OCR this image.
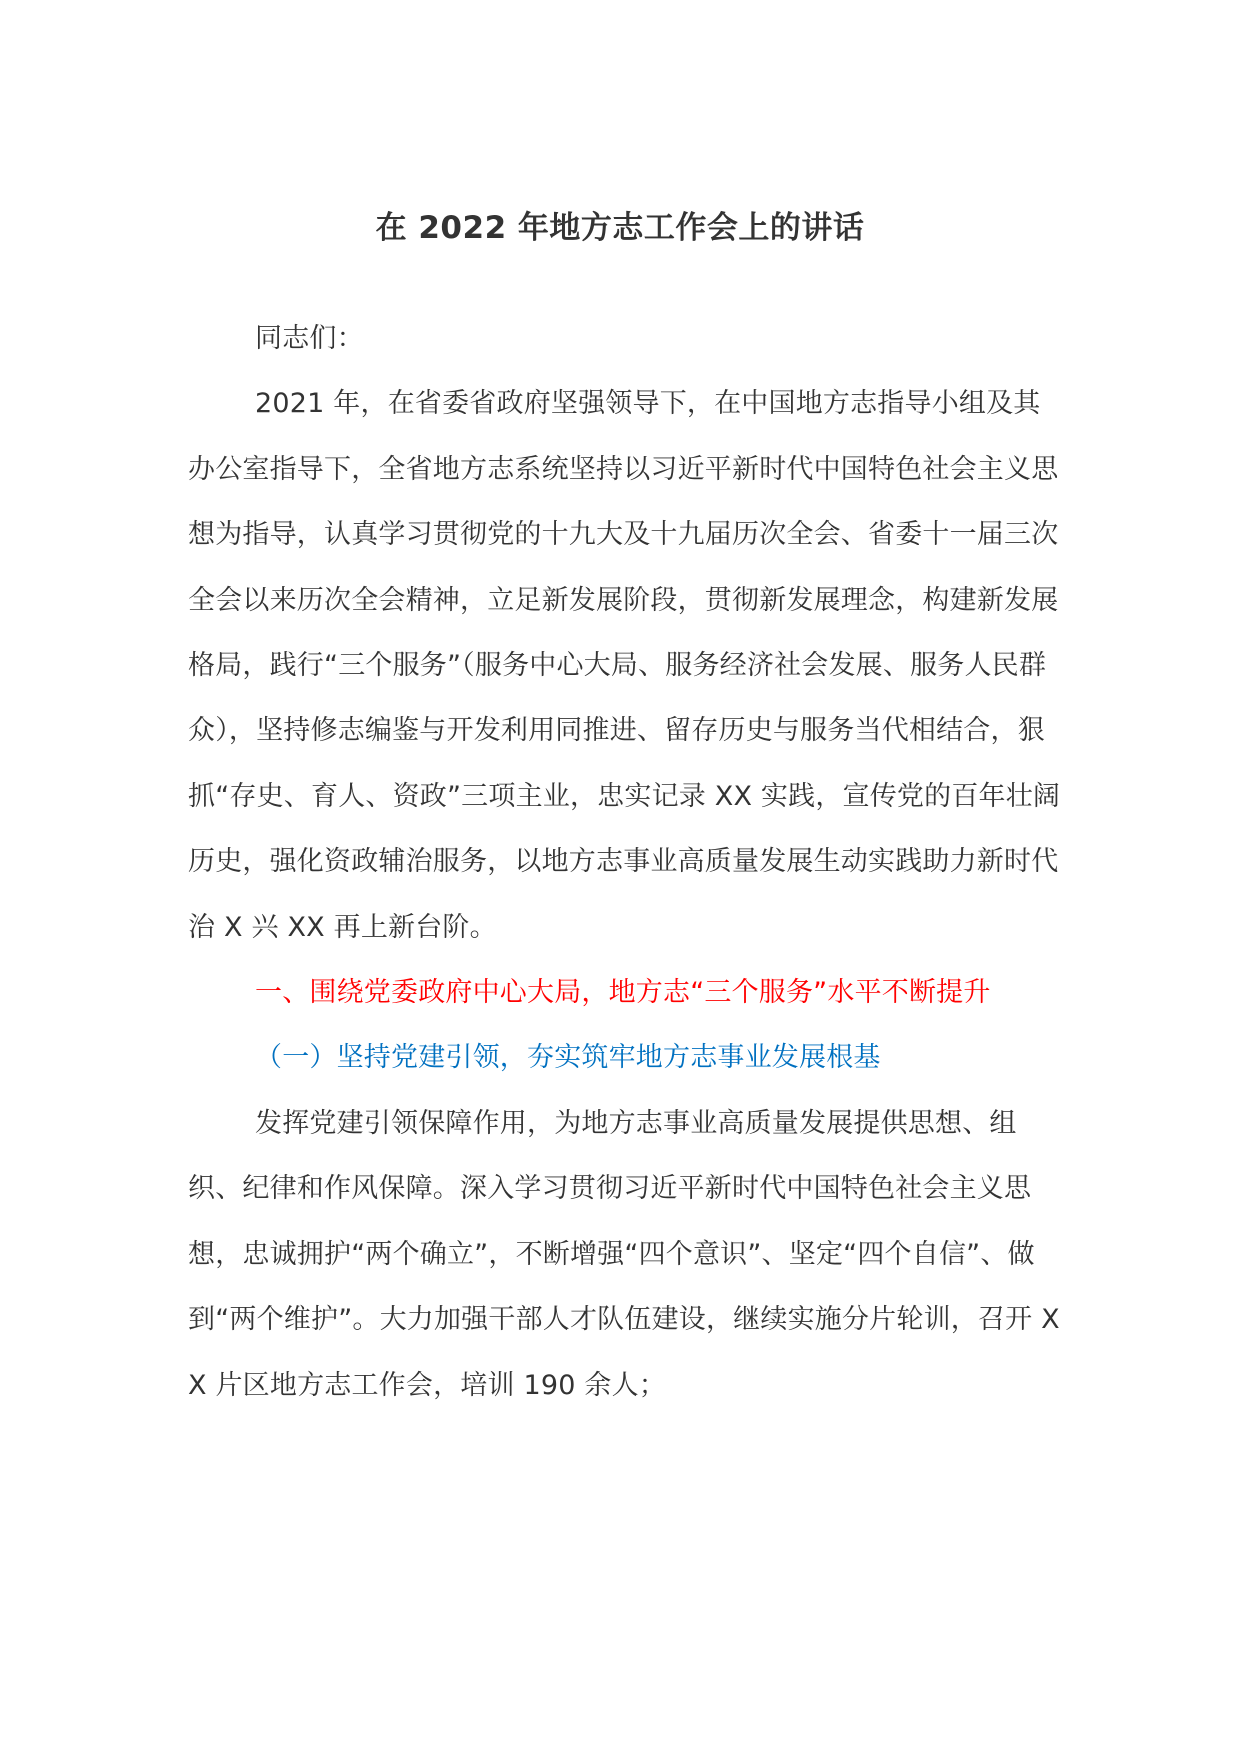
在 2022 年地方志工作会上的讲话

同志们：

2021 年，在省委省政府坚强领导下，在中国地方志指导小组及其办公室指导下，全省地方志系统坚持以习近平新时代中国特色社会主义思想为指导，认真学习贯彻党的十九大及十九届历次全会、省委十一届三次全会以来历次全会精神，立足新发展阶段，贯彻新发展理念，构建新发展格局，践行“三个服务”（服务中心大局、服务经济社会发展、服务人民群众），坚持修志编鉴与开发利用同推进、留存历史与服务当代相结合，狠抓“存史、育人、资政”三项主业，忠实记录 XX 实践，宣传党的百年壮阔历史，强化资政辅治服务，以地方志事业高质量发展生动实践助力新时代治 X 兴 XX 再上新台阶。

一、围绕党委政府中心大局，地方志“三个服务”水平不断提升

（一）坚持党建引领，夯实筑牢地方志事业发展根基

发挥党建引领保障作用，为地方志事业高质量发展提供思想、组织、纪律和作风保障。深入学习贯彻习近平新时代中国特色社会主义思想，忠诚拥护“两个确立”，不断增强“四个意识”、坚定“四个自信”、做到“两个维护”。大力加强干部人才队伍建设，继续实施分片轮训，召开 XX 片区地方志工作会，培训 190 余人；
